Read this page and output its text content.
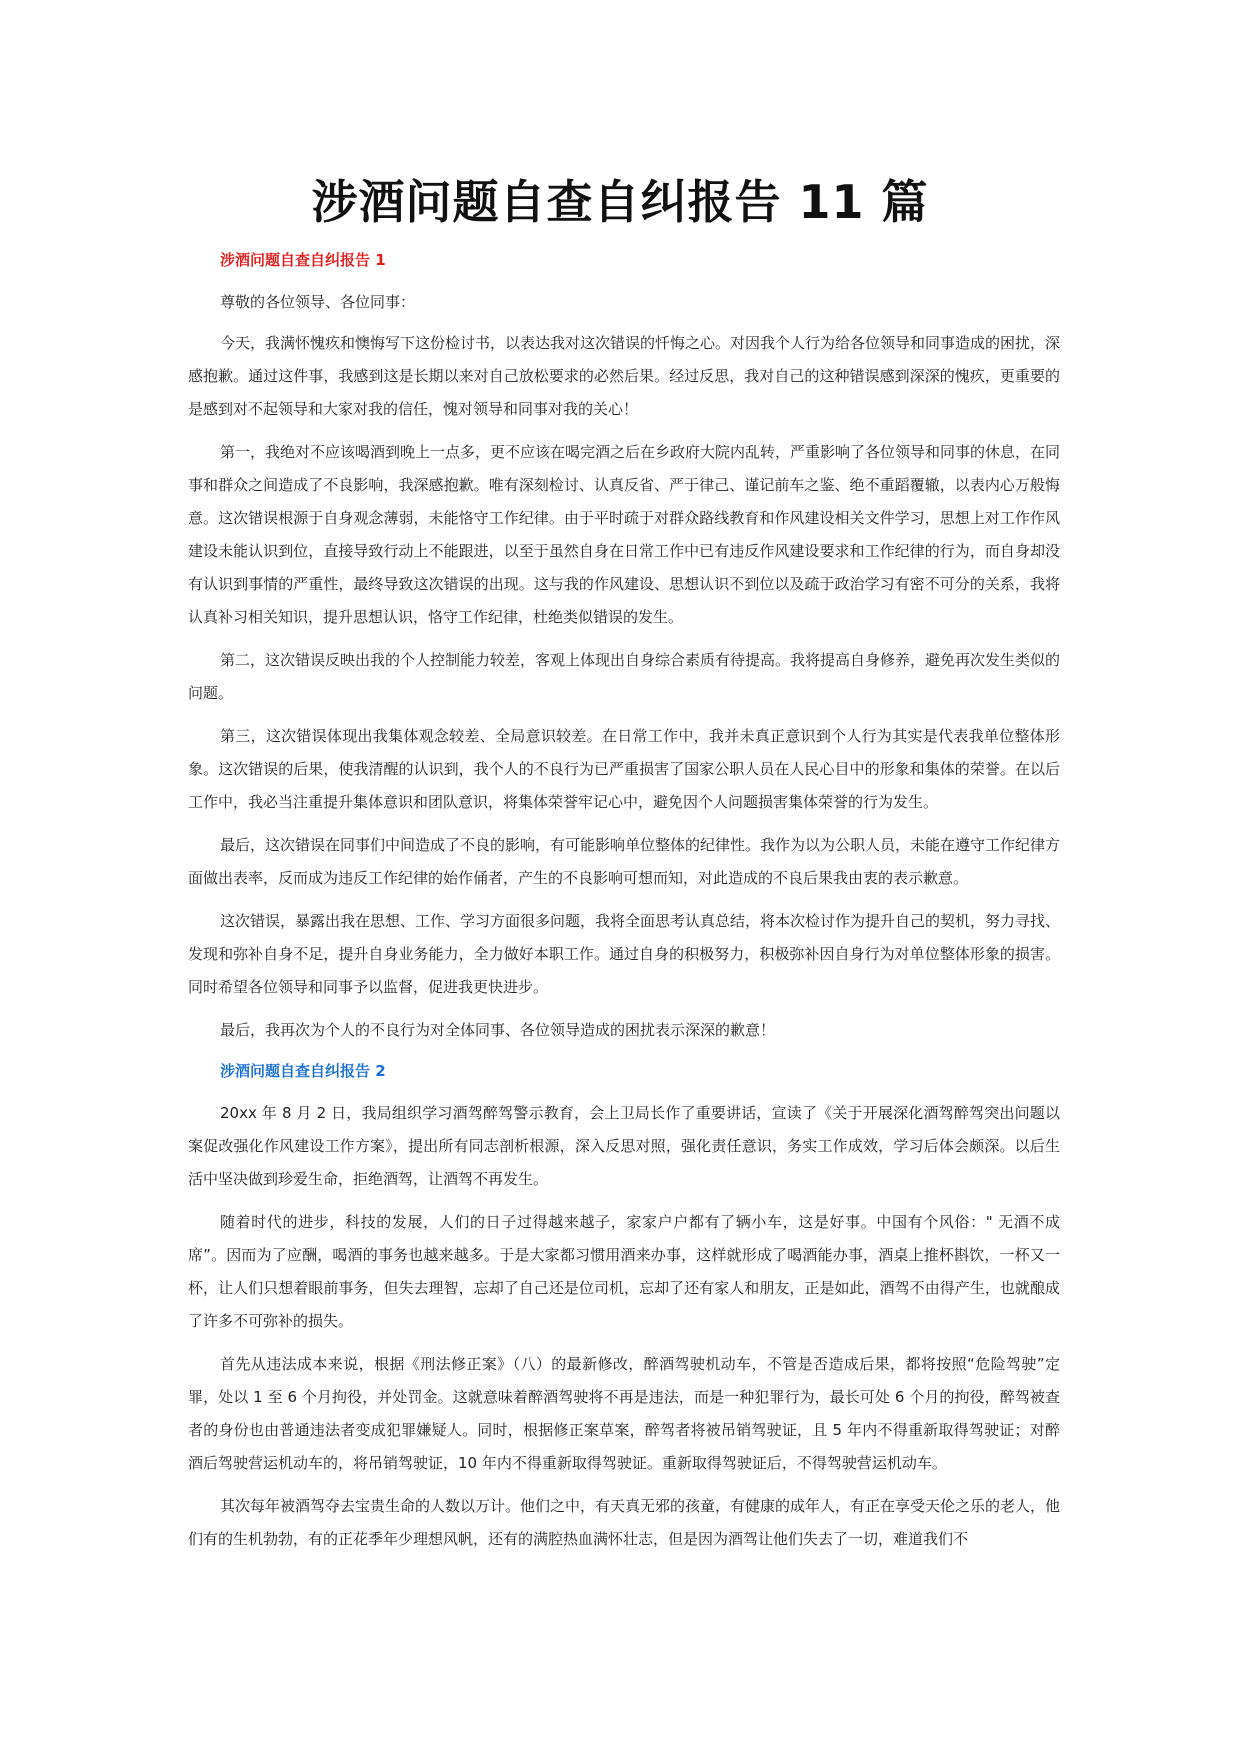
涉酒问题自查自纠报告 11 篇
涉酒问题自查自纠报告 1

尊敬的各位领导、各位同事：

今天，我满怀愧疚和懊悔写下这份检讨书，以表达我对这次错误的忏悔之心。对因我个人行为给各位领导和同事造成的困扰，深感抱歉。通过这件事，我感到这是长期以来对自己放松要求的必然后果。经过反思，我对自己的这种错误感到深深的愧疚，更重要的是感到对不起领导和大家对我的信任，愧对领导和同事对我的关心！

第一，我绝对不应该喝酒到晚上一点多，更不应该在喝完酒之后在乡政府大院内乱转，严重影响了各位领导和同事的休息，在同事和群众之间造成了不良影响，我深感抱歉。唯有深刻检讨、认真反省、严于律己、谨记前车之鉴、绝不重蹈覆辙，以表内心万般悔意。这次错误根源于自身观念薄弱，未能恪守工作纪律。由于平时疏于对群众路线教育和作风建设相关文件学习，思想上对工作作风建设未能认识到位，直接导致行动上不能跟进，以至于虽然自身在日常工作中已有违反作风建设要求和工作纪律的行为，而自身却没有认识到事情的严重性，最终导致这次错误的出现。这与我的作风建设、思想认识不到位以及疏于政治学习有密不可分的关系，我将认真补习相关知识，提升思想认识，恪守工作纪律，杜绝类似错误的发生。

第二，这次错误反映出我的个人控制能力较差，客观上体现出自身综合素质有待提高。我将提高自身修养，避免再次发生类似的问题。

第三，这次错误体现出我集体观念较差、全局意识较差。在日常工作中，我并未真正意识到个人行为其实是代表我单位整体形象。这次错误的后果，使我清醒的认识到，我个人的不良行为已严重损害了国家公职人员在人民心目中的形象和集体的荣誉。在以后工作中，我必当注重提升集体意识和团队意识，将集体荣誉牢记心中，避免因个人问题损害集体荣誉的行为发生。

最后，这次错误在同事们中间造成了不良的影响，有可能影响单位整体的纪律性。我作为以为公职人员，未能在遵守工作纪律方面做出表率，反而成为违反工作纪律的始作俑者，产生的不良影响可想而知，对此造成的不良后果我由衷的表示歉意。

这次错误，暴露出我在思想、工作、学习方面很多问题，我将全面思考认真总结，将本次检讨作为提升自己的契机，努力寻找、发现和弥补自身不足，提升自身业务能力，全力做好本职工作。通过自身的积极努力，积极弥补因自身行为对单位整体形象的损害。同时希望各位领导和同事予以监督，促进我更快进步。

最后，我再次为个人的不良行为对全体同事、各位领导造成的困扰表示深深的歉意！

涉酒问题自查自纠报告 2

20xx 年 8 月 2 日，我局组织学习酒驾醉驾警示教育，会上卫局长作了重要讲话，宣读了《关于开展深化酒驾醉驾突出问题以案促改强化作风建设工作方案》，提出所有同志剖析根源，深入反思对照，强化责任意识，务实工作成效，学习后体会颇深。以后生活中坚决做到珍爱生命，拒绝酒驾，让酒驾不再发生。

随着时代的进步，科技的发展，人们的日子过得越来越子，家家户户都有了辆小车，这是好事。中国有个风俗：" 无酒不成席”。因而为了应酬，喝酒的事务也越来越多。于是大家都习惯用酒来办事，这样就形成了喝酒能办事，酒桌上推杯斟饮，一杯又一杯，让人们只想着眼前事务，但失去理智，忘却了自己还是位司机，忘却了还有家人和朋友，正是如此，酒驾不由得产生，也就酿成了许多不可弥补的损失。

首先从违法成本来说，根据《刑法修正案》（八）的最新修改，醉酒驾驶机动车，不管是否造成后果，都将按照“危险驾驶”定罪，处以 1 至 6 个月拘役，并处罚金。这就意味着醉酒驾驶将不再是违法，而是一种犯罪行为，最长可处 6 个月的拘役，醉驾被查者的身份也由普通违法者变成犯罪嫌疑人。同时，根据修正案草案，醉驾者将被吊销驾驶证，且 5 年内不得重新取得驾驶证；对醉酒后驾驶营运机动车的，将吊销驾驶证，10 年内不得重新取得驾驶证。重新取得驾驶证后，不得驾驶营运机动车。

其次每年被酒驾夺去宝贵生命的人数以万计。他们之中，有天真无邪的孩童，有健康的成年人，有正在享受天伦之乐的老人，他们有的生机勃勃，有的正花季年少理想风帆，还有的满腔热血满怀壮志，但是因为酒驾让他们失去了一切，难道我们不
